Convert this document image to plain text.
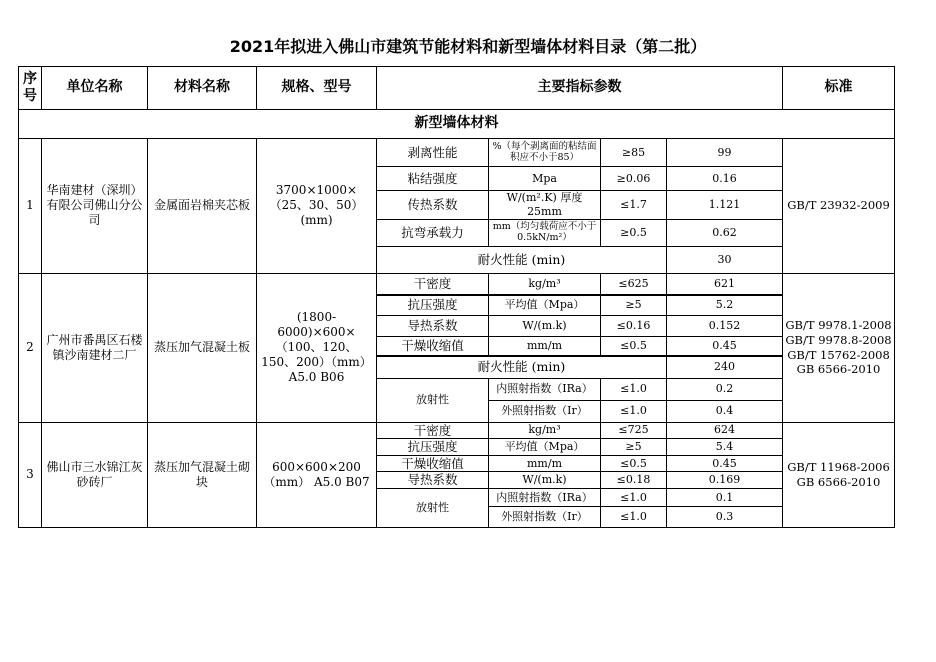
2021年拟进入佛山市建筑节能材料和新型墙体材料目录（第二批）
序号	单位名称	材料名称	规格、型号	主要指标参数				标准
新型墙体材料								
1	华南建材（深圳）有限公司佛山分公司	金属面岩棉夹芯板	3700×1000×（25、30、50）(mm)	剥离性能	%（每个剥离面的粘结面积应不小于85）	≥85	99	GB/T 23932-2009
				粘结强度	Mpa	≥0.06	0.16	
				传热系数	W/(m².K) 厚度25mm	≤1.7	1.121	
				抗弯承载力	mm（均匀载荷应不小于0.5kN/m²）	≥0.5	0.62	
				耐火性能 (min)			30	
2	广州市番禺区石楼镇沙南建材二厂	蒸压加气混凝土板	(1800-6000)×600×（100、120、150、200）（mm） A5.0 B06	干密度	kg/m³	≤625	621	GB/T 9978.1-2008
GB/T 9978.8-2008
GB/T 15762-2008
GB 6566-2010

				抗压强度	平均值（Mpa）	≥5	5.2	
				导热系数	W/(m.k)	≤0.16	0.152	
				干燥收缩值	mm/m	≤0.5	0.45	
				耐火性能 (min)			240	
				放射性	内照射指数（IRa）	≤1.0	0.2	
					外照射指数（Ir）	≤1.0	0.4	
3	佛山市三水锦江灰砂砖厂	蒸压加气混凝土砌块	600×600×200（mm） A5.0 B07	干密度	kg/m³	≤725	624	GB/T 11968-2006
GB 6566-2010

				抗压强度	平均值（Mpa）	≥5	5.4	
				干燥收缩值	mm/m	≤0.5	0.45	
				导热系数	W/(m.k)	≤0.18	0.169	
				放射性	内照射指数（IRa）	≤1.0	0.1	
					外照射指数（Ir）	≤1.0	0.3	
